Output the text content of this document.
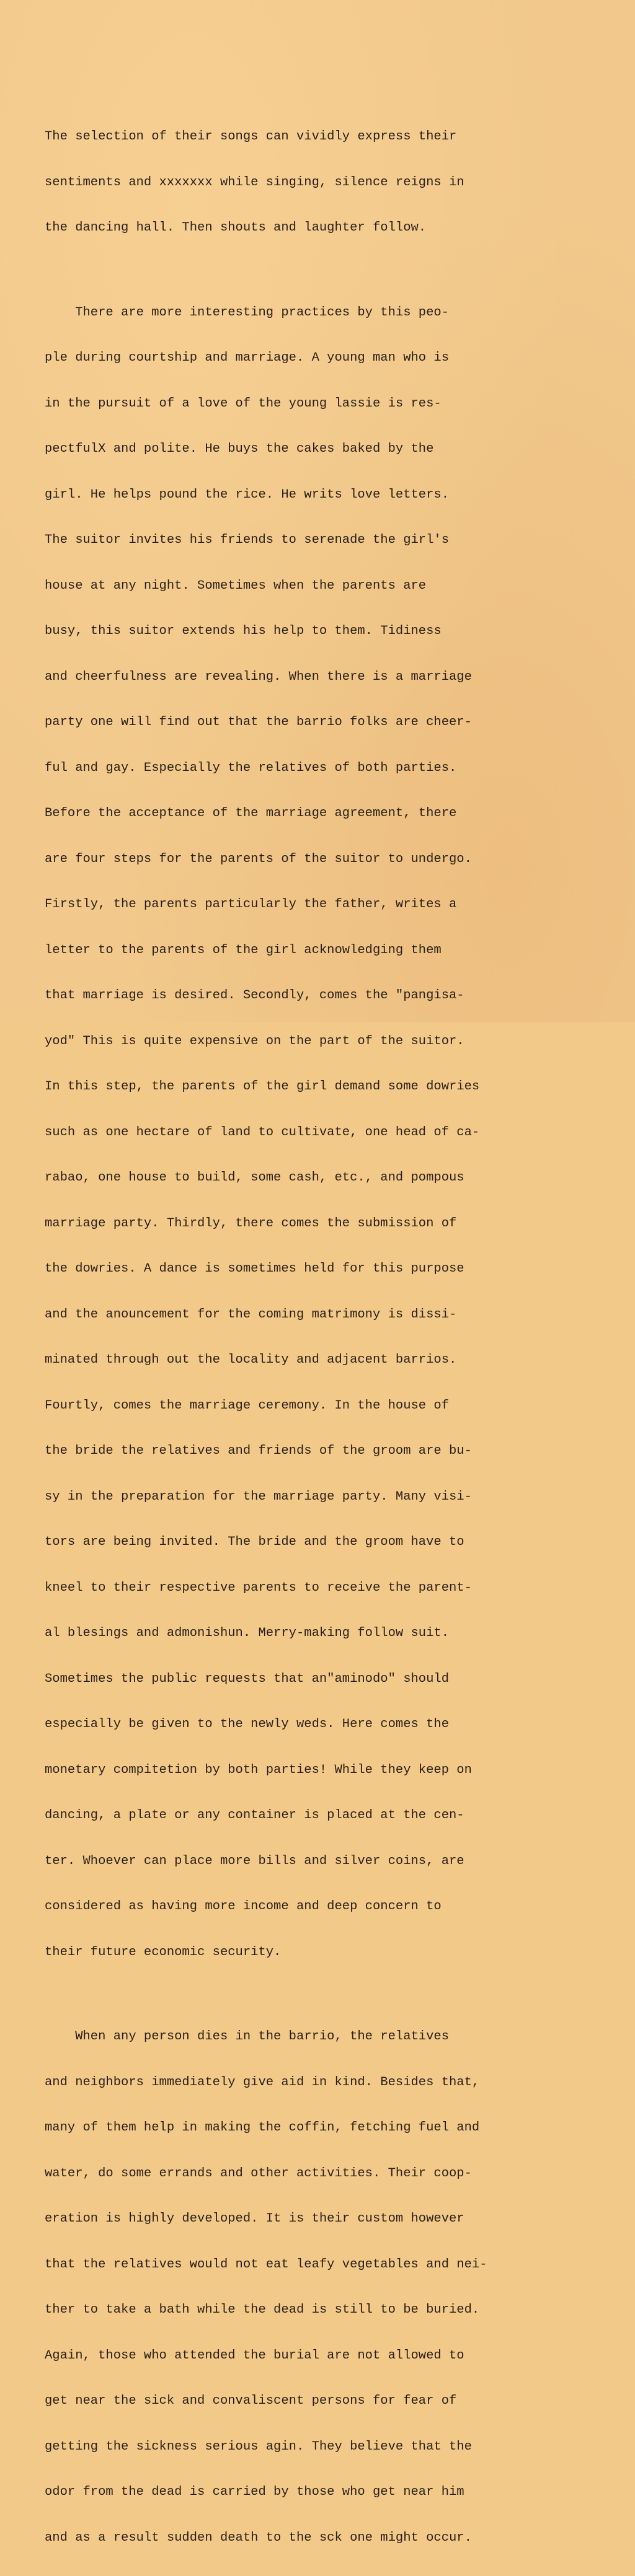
The selection of their songs can vividly express their

sentiments and xxxxxxx while singing, silence reigns in

the dancing hall. Then shouts and laughter follow.

There are more interesting practices by this peo-

ple during courtship and marriage. A young man who is

in the pursuit of a love of the young lassie is res-

pectfulX and polite. He buys the cakes baked by the

girl. He helps pound the rice. He writs love letters.

The suitor invites his friends to serenade the girl's

house at any night. Sometimes when the parents are

busy, this suitor extends his help to them. Tidiness

and cheerfulness are revealing. When there is a marriage

party one will find out that the barrio folks are cheer-

ful and gay. Especially the relatives of both parties.

Before the acceptance of the marriage agreement, there

are four steps for the parents of the suitor to undergo.

Firstly, the parents particularly the father, writes a

letter to the parents of the girl acknowledging them

that marriage is desired. Secondly, comes the "pangisa-

yod" This is quite expensive on the part of the suitor.

In this step, the parents of the girl demand some dowries

such as one hectare of land to cultivate, one head of ca-

rabao, one house to build, some cash, etc., and pompous

marriage party. Thirdly, there comes the submission of

the dowries. A dance is sometimes held for this purpose

and the anouncement for the coming matrimony is dissi-

minated through out the locality and adjacent barrios.

Fourtly, comes the marriage ceremony. In the house of

the bride the relatives and friends of the groom are bu-

sy in the preparation for the marriage party. Many visi-

tors are being invited. The bride and the groom have to

kneel to their respective parents to receive the parent-

al blesings and admonishun. Merry-making follow suit.

Sometimes the public requests that an"aminodo" should

especially be given to the newly weds. Here comes the

monetary compitetion by both parties! While they keep on

dancing, a plate or any container is placed at the cen-

ter. Whoever can place more bills and silver coins, are

considered as having more income and deep concern to

their future economic security.

When any person dies in the barrio, the relatives

and neighbors immediately give aid in kind. Besides that,

many of them help in making the coffin, fetching fuel and

water, do some errands and other activities. Their coop-

eration is highly developed. It is their custom however

that the relatives would not eat leafy vegetables and nei-

ther to take a bath while the dead is still to be buried.

Again, those who attended the burial are not allowed to

get near the sick and convaliscent persons for fear of

getting the sickness serious agin. They believe that the

odor from the dead is carried by those who get near him

and as a result sudden death to the sck one might occur.
